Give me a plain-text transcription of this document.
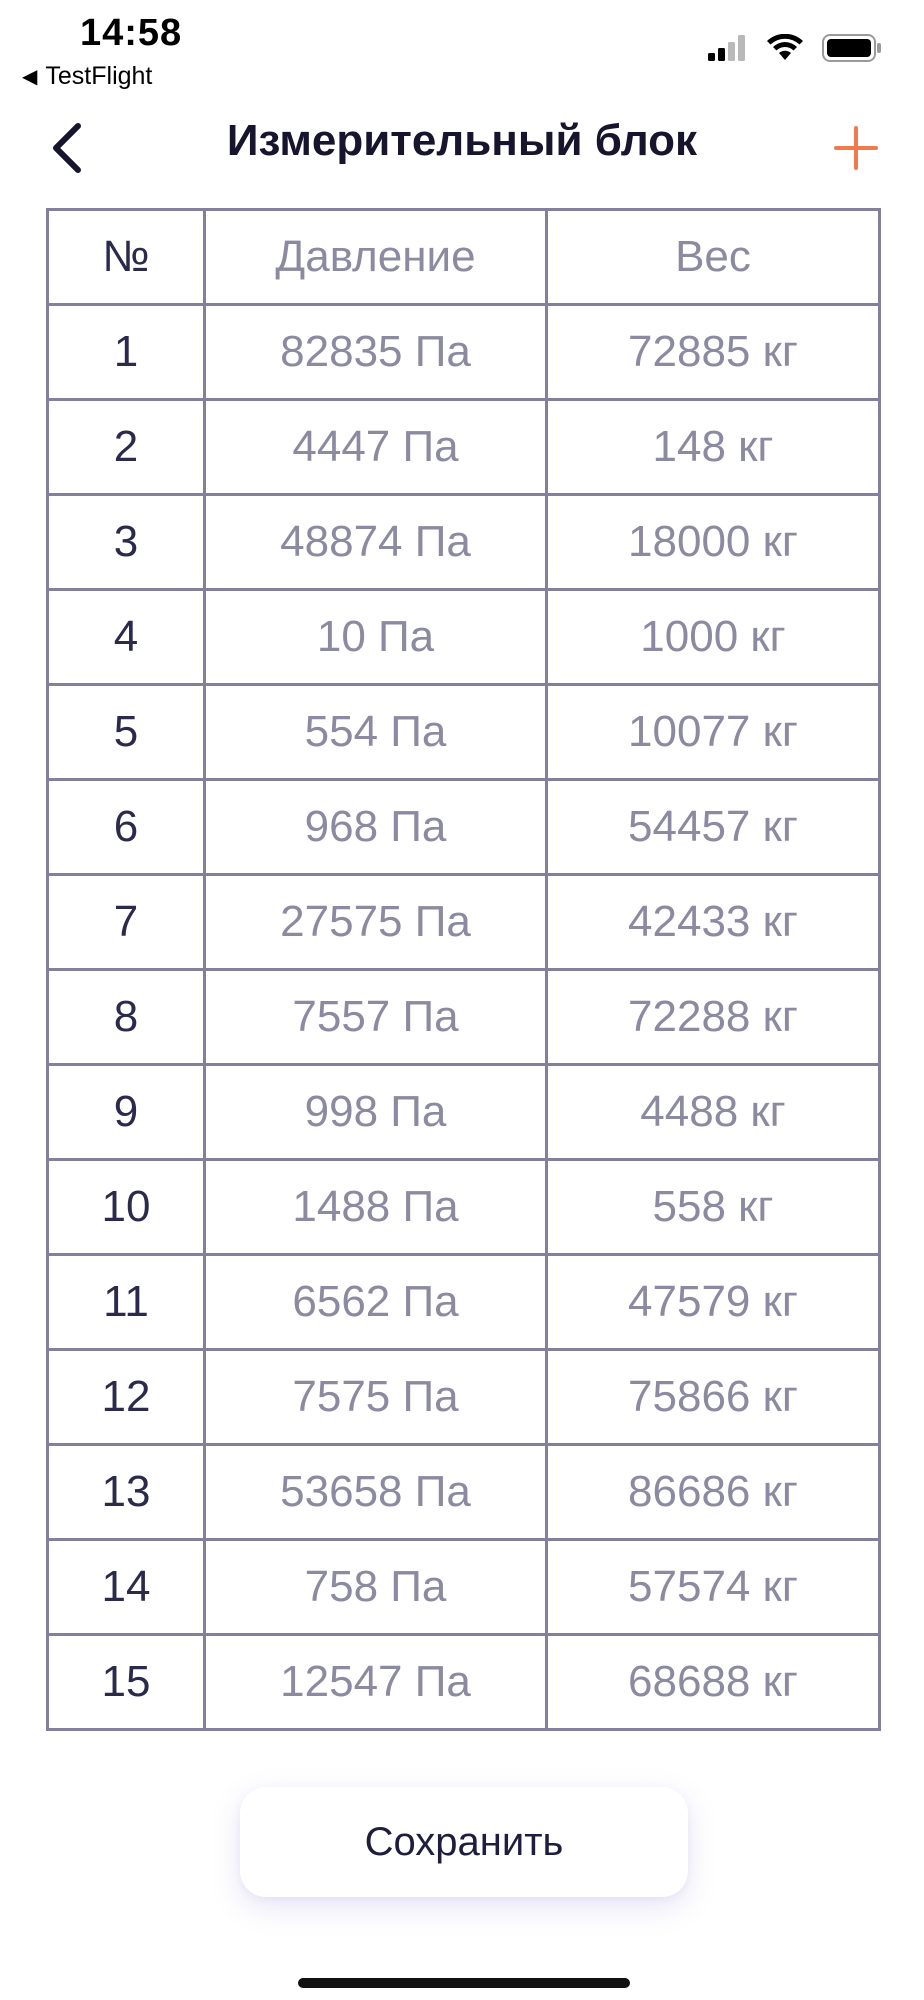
14:58
◀ TestFlight
Измерительный блок
№	Давление	Вес
1	82835 Па	72885 кг
2	4447 Па	148 кг
3	48874 Па	18000 кг
4	10 Па	1000 кг
5	554 Па	10077 кг
6	968 Па	54457 кг
7	27575 Па	42433 кг
8	7557 Па	72288 кг
9	998 Па	4488 кг
10	1488 Па	558 кг
11	6562 Па	47579 кг
12	7575 Па	75866 кг
13	53658 Па	86686 кг
14	758 Па	57574 кг
15	12547 Па	68688 кг
Сохранить
